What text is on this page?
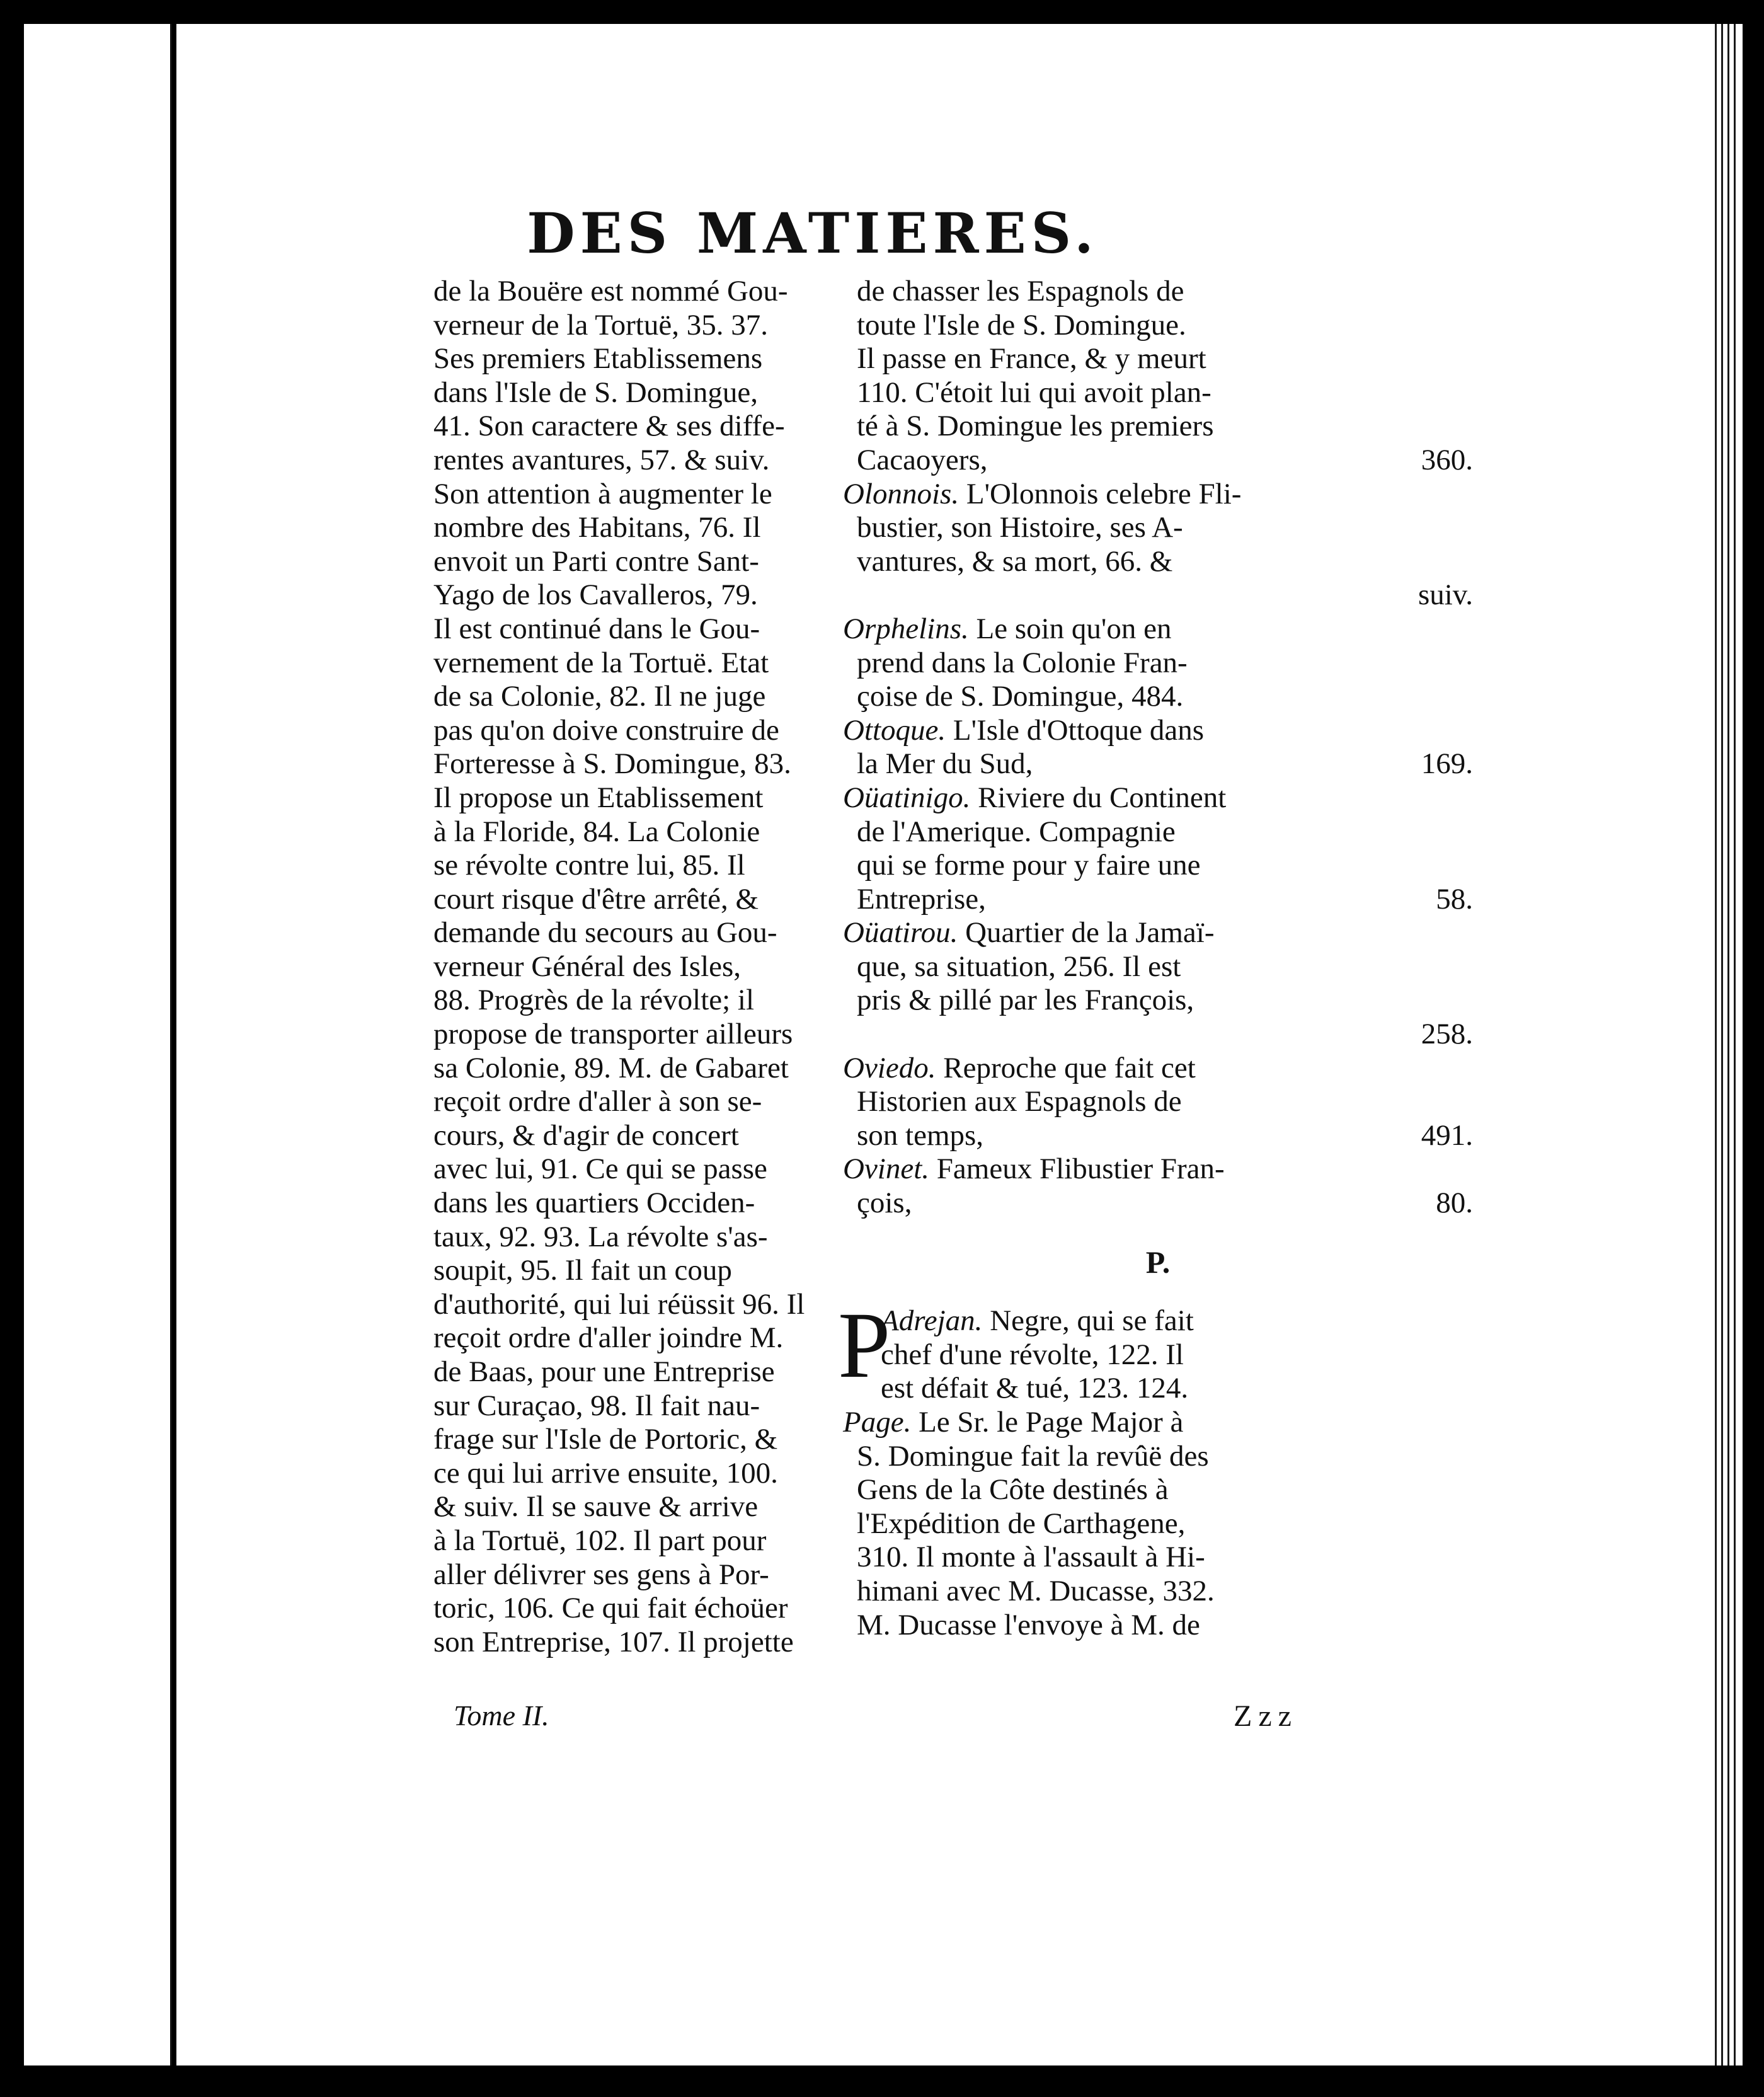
DES MATIERES.
de la Bouëre est nommé Gou-
verneur de la Tortuë, 35. 37.
Ses premiers Etablissemens
dans l'Isle de S. Domingue,
41. Son caractere & ses diffe-
rentes avantures, 57. & suiv.
Son attention à augmenter le
nombre des Habitans, 76. Il
envoit un Parti contre Sant-
Yago de los Cavalleros, 79.
Il est continué dans le Gou-
vernement de la Tortuë. Etat
de sa Colonie, 82. Il ne juge
pas qu'on doive construire de
Forteresse à S. Domingue, 83.
Il propose un Etablissement
à la Floride, 84. La Colonie
se révolte contre lui, 85. Il
court risque d'être arrêté, &
demande du secours au Gou-
verneur Général des Isles,
88. Progrès de la révolte; il
propose de transporter ailleurs
sa Colonie, 89. M. de Gabaret
reçoit ordre d'aller à son se-
cours, & d'agir de concert
avec lui, 91. Ce qui se passe
dans les quartiers Occiden-
taux, 92. 93. La révolte s'as-
soupit, 95. Il fait un coup
d'authorité, qui lui réüssit 96. Il
reçoit ordre d'aller joindre M.
de Baas, pour une Entreprise
sur Curaçao, 98. Il fait nau-
frage sur l'Isle de Portoric, &
ce qui lui arrive ensuite, 100.
& suiv. Il se sauve & arrive
à la Tortuë, 102. Il part pour
aller délivrer ses gens à Por-
toric, 106. Ce qui fait échoüer
son Entreprise, 107. Il projette
de chasser les Espagnols de
toute l'Isle de S. Domingue.
Il passe en France, & y meurt
110. C'étoit lui qui avoit plan-
té à S. Domingue les premiers
Cacaoyers,	360.
Olonnois. L'Olonnois celebre Fli-
bustier, son Histoire, ses A-
vantures, & sa mort, 66. &
suiv.
Orphelins. Le soin qu'on en
prend dans la Colonie Fran-
çoise de S. Domingue, 484.
Ottoque. L'Isle d'Ottoque dans
la Mer du Sud,	169.
Oüatinigo. Riviere du Continent
de l'Amerique. Compagnie
qui se forme pour y faire une
Entreprise,	58.
Oüatirou. Quartier de la Jamaï-
que, sa situation, 256. Il est
pris & pillé par les François,
258.
Oviedo. Reproche que fait cet
Historien aux Espagnols de
son temps,	491.
Ovinet. Fameux Flibustier Fran-
çois,	80.
P.
P
Adrejan. Negre, qui se fait
chef d'une révolte, 122. Il
est défait & tué, 123. 124.
Page. Le Sr. le Page Major à
S. Domingue fait la revûë des
Gens de la Côte destinés à
l'Expédition de Carthagene,
310. Il monte à l'assault à Hi-
himani avec M. Ducasse, 332.
M. Ducasse l'envoye à M. de
Tome II.	Zzz
